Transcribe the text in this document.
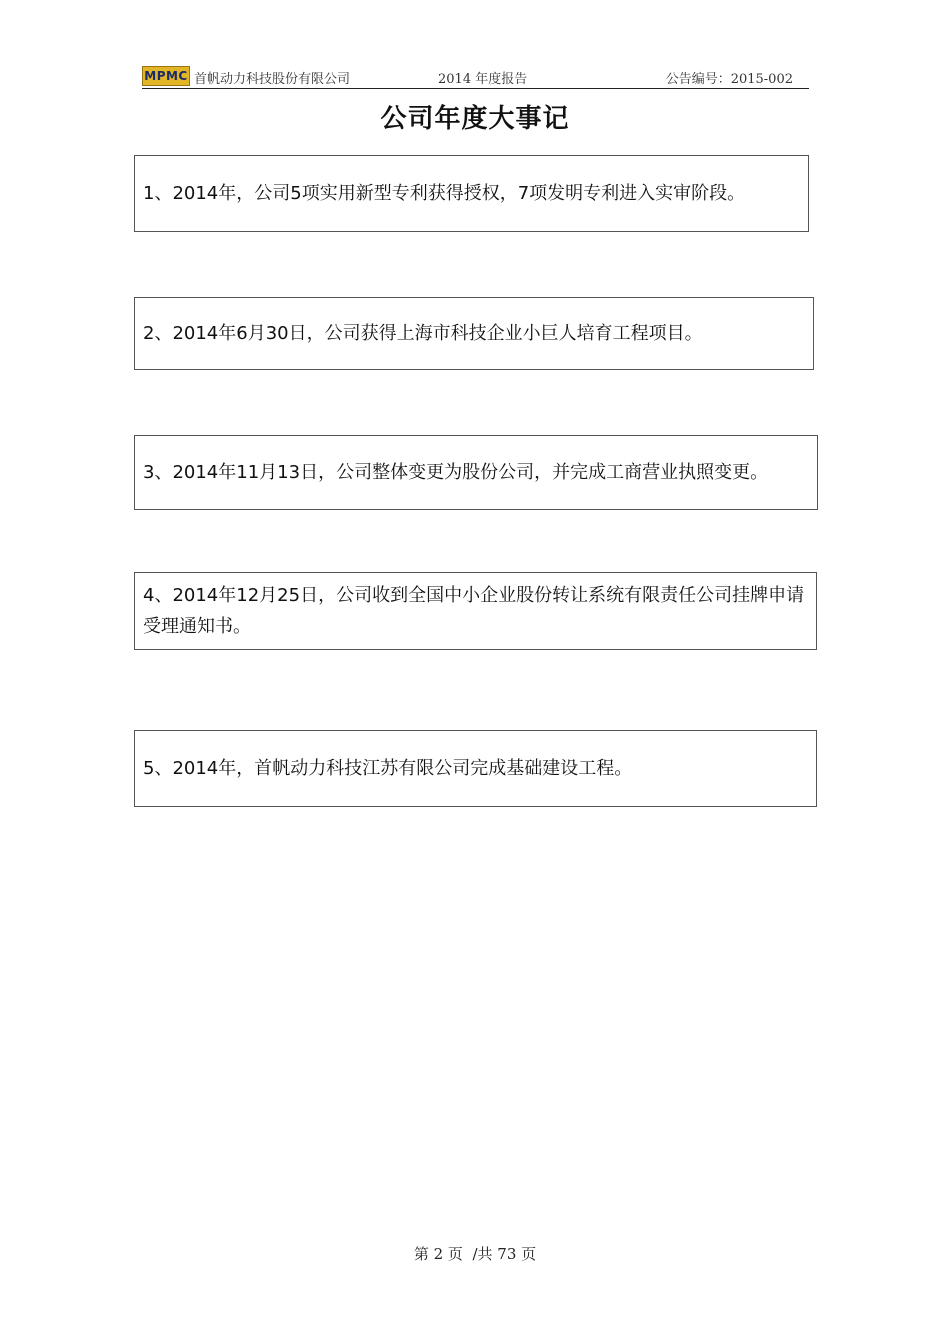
MPMC 首帆动力科技股份有限公司	2014 年度报告	公告编号：2015-002
公司年度大事记

1、2014年，公司5项实用新型专利获得授权，7项发明专利进入实审阶段。

2、2014年6月30日，公司获得上海市科技企业小巨人培育工程项目。

3、2014年11月13日，公司整体变更为股份公司，并完成工商营业执照变更。

4、2014年12月25日，公司收到全国中小企业股份转让系统有限责任公司挂牌申请受理通知书。

5、2014年，首帆动力科技江苏有限公司完成基础建设工程。

第 2 页  /共 73 页
